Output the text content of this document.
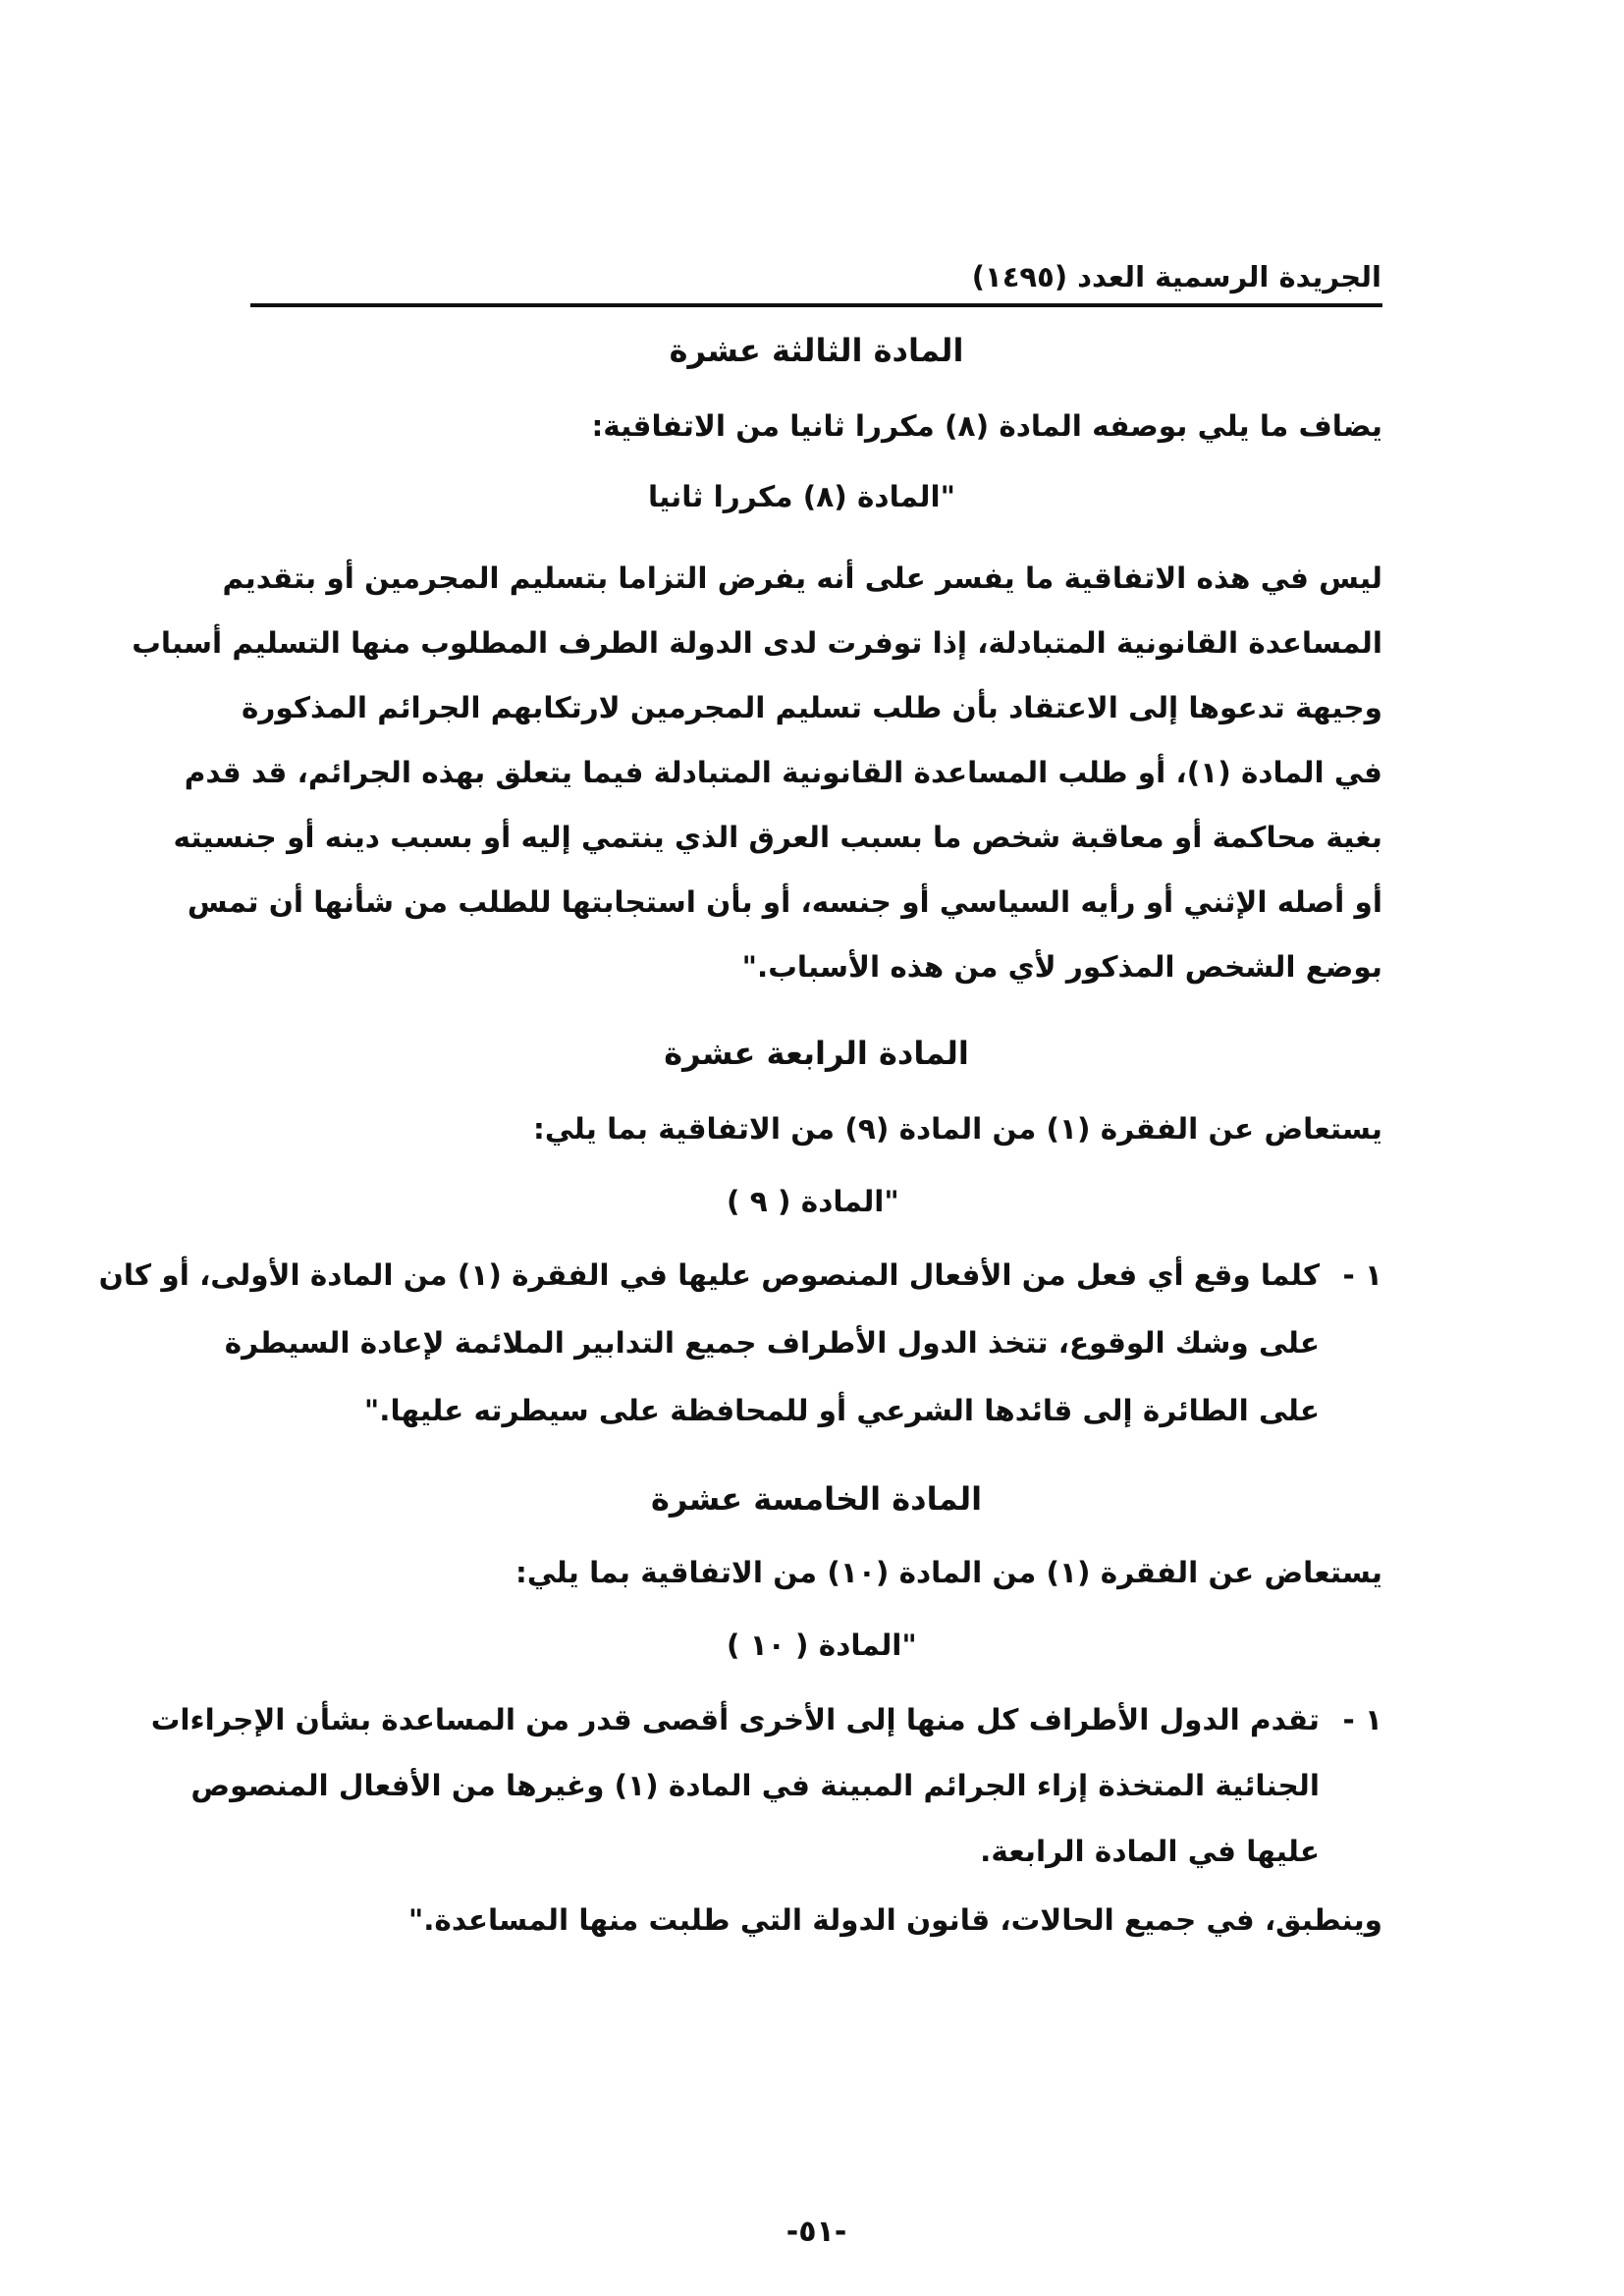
الجريدة الرسمية العدد (١٤٩٥)
المادة الثالثة عشرة
يضاف ما يلي بوصفه المادة (٨) مكررا ثانيا من الاتفاقية:
"المادة (٨) مكررا ثانيا
ليس في هذه الاتفاقية ما يفسر على أنه يفرض التزاما بتسليم المجرمين أو بتقديم
المساعدة القانونية المتبادلة، إذا توفرت لدى الدولة الطرف المطلوب منها التسليم أسباب
وجيهة تدعوها إلى الاعتقاد بأن طلب تسليم المجرمين لارتكابهم الجرائم المذكورة
في المادة (١)، أو طلب المساعدة القانونية المتبادلة فيما يتعلق بهذه الجرائم، قد قدم
بغية محاكمة أو معاقبة شخص ما بسبب العرق الذي ينتمي إليه أو بسبب دينه أو جنسيته
أو أصله الإثني أو رأيه السياسي أو جنسه، أو بأن استجابتها للطلب من شأنها أن تمس
بوضع الشخص المذكور لأي من هذه الأسباب."
المادة الرابعة عشرة
يستعاض عن الفقرة (١) من المادة (٩) من الاتفاقية بما يلي:
"المادة ( ٩ )
١ -
كلما وقع أي فعل من الأفعال المنصوص عليها في الفقرة (١) من المادة الأولى، أو كان
على وشك الوقوع، تتخذ الدول الأطراف جميع التدابير الملائمة لإعادة السيطرة
على الطائرة إلى قائدها الشرعي أو للمحافظة على سيطرته عليها."
المادة الخامسة عشرة
يستعاض عن الفقرة (١) من المادة (١٠) من الاتفاقية بما يلي:
"المادة ( ١٠ )
١ -
تقدم الدول الأطراف كل منها إلى الأخرى أقصى قدر من المساعدة بشأن الإجراءات
الجنائية المتخذة إزاء الجرائم المبينة في المادة (١) وغيرها من الأفعال المنصوص
عليها في المادة الرابعة.
وينطبق، في جميع الحالات، قانون الدولة التي طلبت منها المساعدة."
-٥١-
